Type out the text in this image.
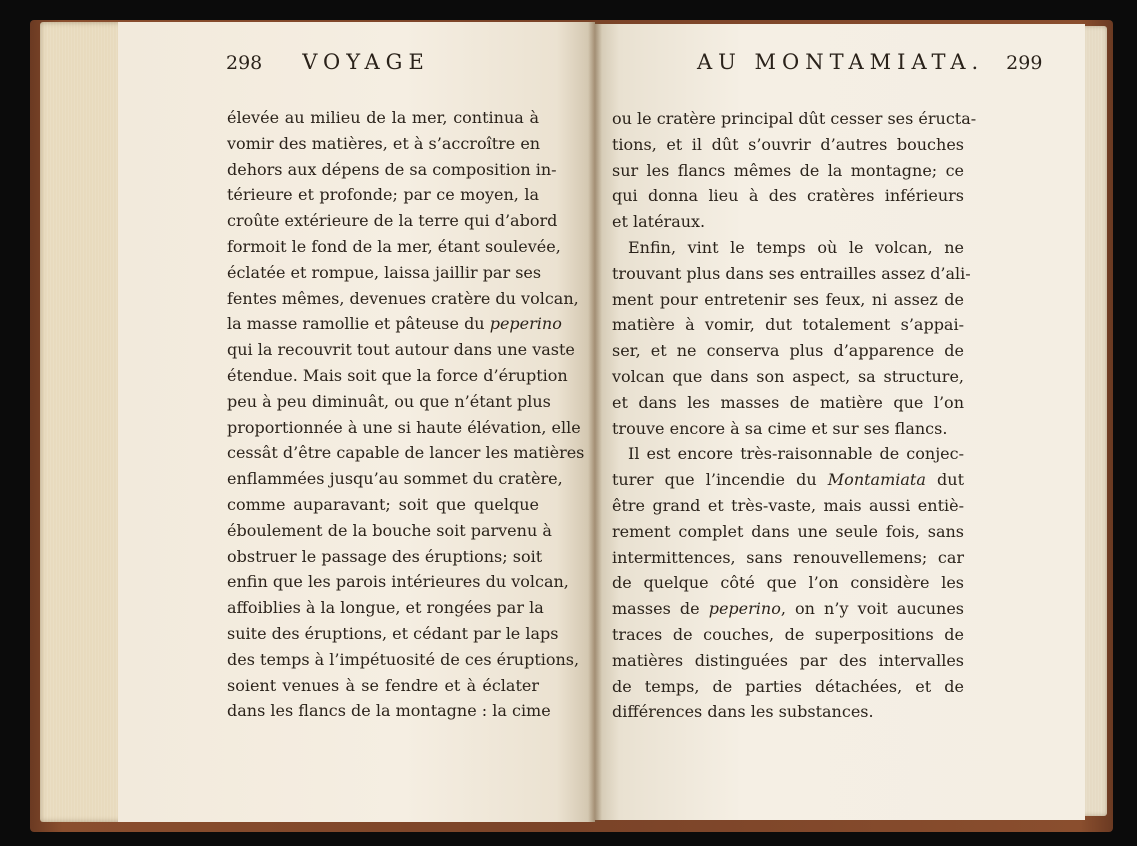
298 VOYAGE	AU MONTAMIATA. 299
élevée au milieu de la mer, continua à
vomir des matières, et à s’accroître en
dehors aux dépens de sa composition in-
térieure et profonde; par ce moyen, la
croûte extérieure de la terre qui d’abord
formoit le fond de la mer, étant soulevée,
éclatée et rompue, laissa jaillir par ses
fentes mêmes, devenues cratère du volcan,
la masse ramollie et pâteuse du peperino
qui la recouvrit tout autour dans une vaste
étendue. Mais soit que la force d’éruption
peu à peu diminuât, ou que n’étant plus
proportionnée à une si haute élévation, elle
cessât d’être capable de lancer les matières
enflammées jusqu’au sommet du cratère,
comme auparavant; soit que quelque
éboulement de la bouche soit parvenu à
obstruer le passage des éruptions; soit
enfin que les parois intérieures du volcan,
affoiblies à la longue, et rongées par la
suite des éruptions, et cédant par le laps
des temps à l’impétuosité de ces éruptions,
soient venues à se fendre et à éclater
dans les flancs de la montagne : la cime
ou le cratère principal dût cesser ses éructa-
tions, et il dût s’ouvrir d’autres bouches
sur les flancs mêmes de la montagne; ce
qui donna lieu à des cratères inférieurs
et latéraux.
Enfin, vint le temps où le volcan, ne
trouvant plus dans ses entrailles assez d’ali-
ment pour entretenir ses feux, ni assez de
matière à vomir, dut totalement s’appai-
ser, et ne conserva plus d’apparence de
volcan que dans son aspect, sa structure,
et dans les masses de matière que l’on
trouve encore à sa cime et sur ses flancs.
Il est encore très-raisonnable de conjec-
turer que l’incendie du Montamiata dut
être grand et très-vaste, mais aussi entiè-
rement complet dans une seule fois, sans
intermittences, sans renouvellemens; car
de quelque côté que l’on considère les
masses de peperino, on n’y voit aucunes
traces de couches, de superpositions de
matières distinguées par des intervalles
de temps, de parties détachées, et de
différences dans les substances.
